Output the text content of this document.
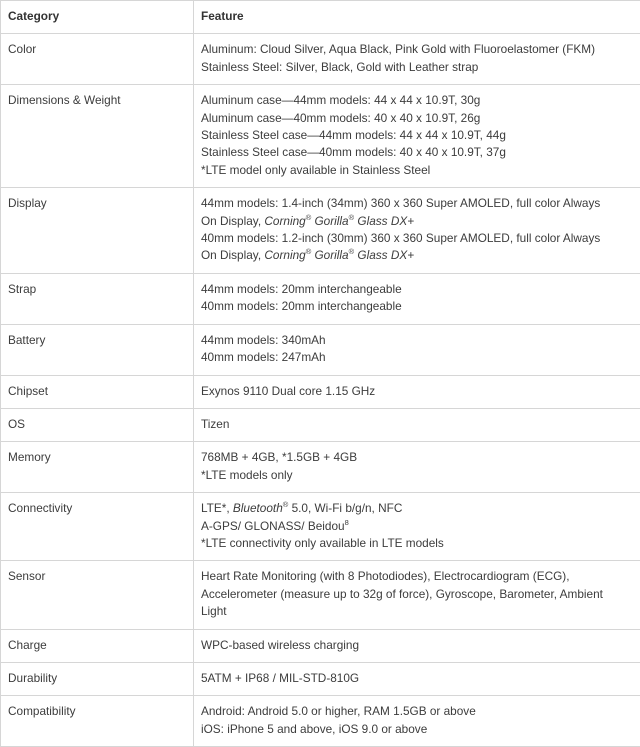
Category	Feature
Color	Aluminum: Cloud Silver, Aqua Black, Pink Gold with Fluoroelastomer (FKM)
Stainless Steel: Silver, Black, Gold with Leather strap

Dimensions & Weight	Aluminum case—44mm models: 44 x 44 x 10.9T, 30g
Aluminum case—40mm models: 40 x 40 x 10.9T, 26g
Stainless Steel case—44mm models: 44 x 44 x 10.9T, 44g
Stainless Steel case—40mm models: 40 x 40 x 10.9T, 37g
*LTE model only available in Stainless Steel

Display	44mm models: 1.4-inch (34mm) 360 x 360 Super AMOLED, full color Always
On Display, Corning® Gorilla® Glass DX+
40mm models: 1.2-inch (30mm) 360 x 360 Super AMOLED, full color Always
On Display, Corning® Gorilla® Glass DX+

Strap	44mm models: 20mm interchangeable
40mm models: 20mm interchangeable

Battery	44mm models: 340mAh
40mm models: 247mAh

Chipset	Exynos 9110 Dual core 1.15 GHz

OS	Tizen

Memory	768MB + 4GB, *1.5GB + 4GB
*LTE models only

Connectivity	LTE*, Bluetooth® 5.0, Wi-Fi b/g/n, NFC
A-GPS/ GLONASS/ Beidou$^8$
*LTE connectivity only available in LTE models

Sensor	Heart Rate Monitoring (with 8 Photodiodes), Electrocardiogram (ECG),
Accelerometer (measure up to 32g of force), Gyroscope, Barometer, Ambient
Light

Charge	WPC-based wireless charging

Durability	5ATM + IP68 / MIL-STD-810G

Compatibility	Android: Android 5.0 or higher, RAM 1.5GB or above
iOS: iPhone 5 and above, iOS 9.0 or above
